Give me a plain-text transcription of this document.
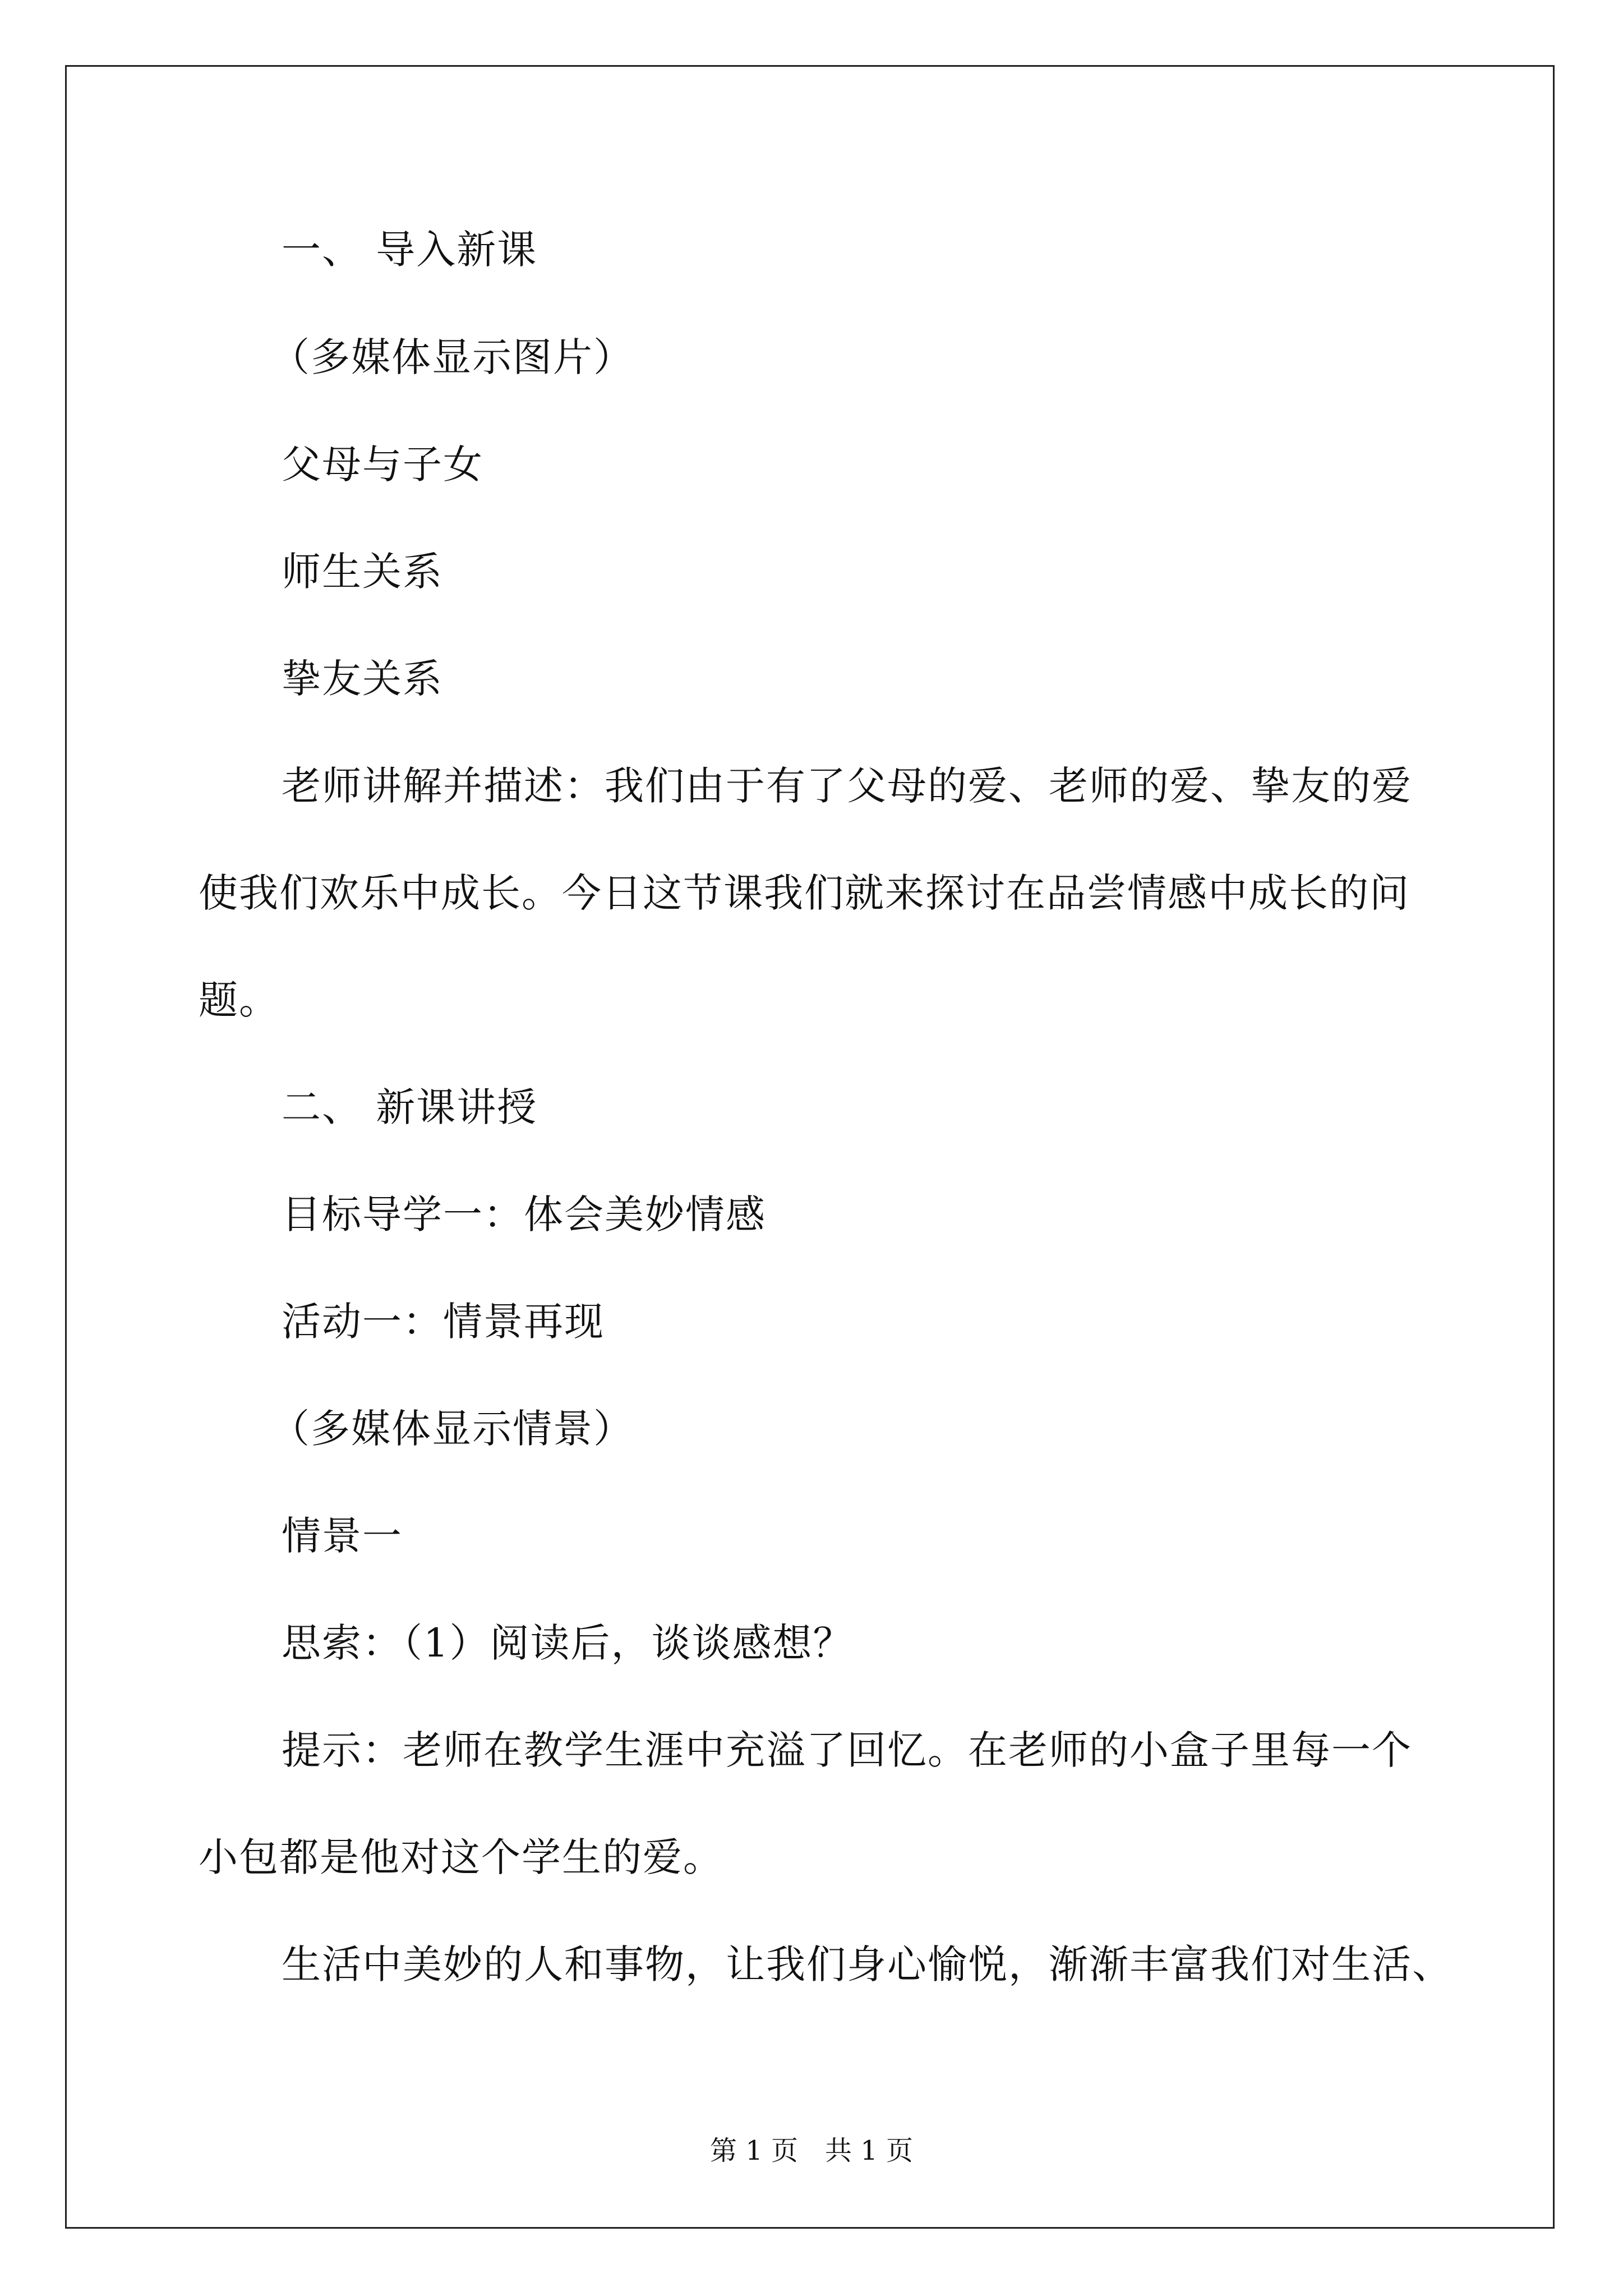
一、 导入新课
（多媒体显示图片）
父母与子女
师生关系
挚友关系
老师讲解并描述：我们由于有了父母的爱、老师的爱、挚友的爱
使我们欢乐中成长。今日这节课我们就来探讨在品尝情感中成长的问
题。
二、 新课讲授
目标导学一：体会美妙情感
活动一：情景再现
（多媒体显示情景）
情景一
思索：（1）阅读后，谈谈感想？
提示：老师在教学生涯中充溢了回忆。在老师的小盒子里每一个
小包都是他对这个学生的爱。
生活中美妙的人和事物，让我们身心愉悦，渐渐丰富我们对生活、
第 1 页　共 1 页
